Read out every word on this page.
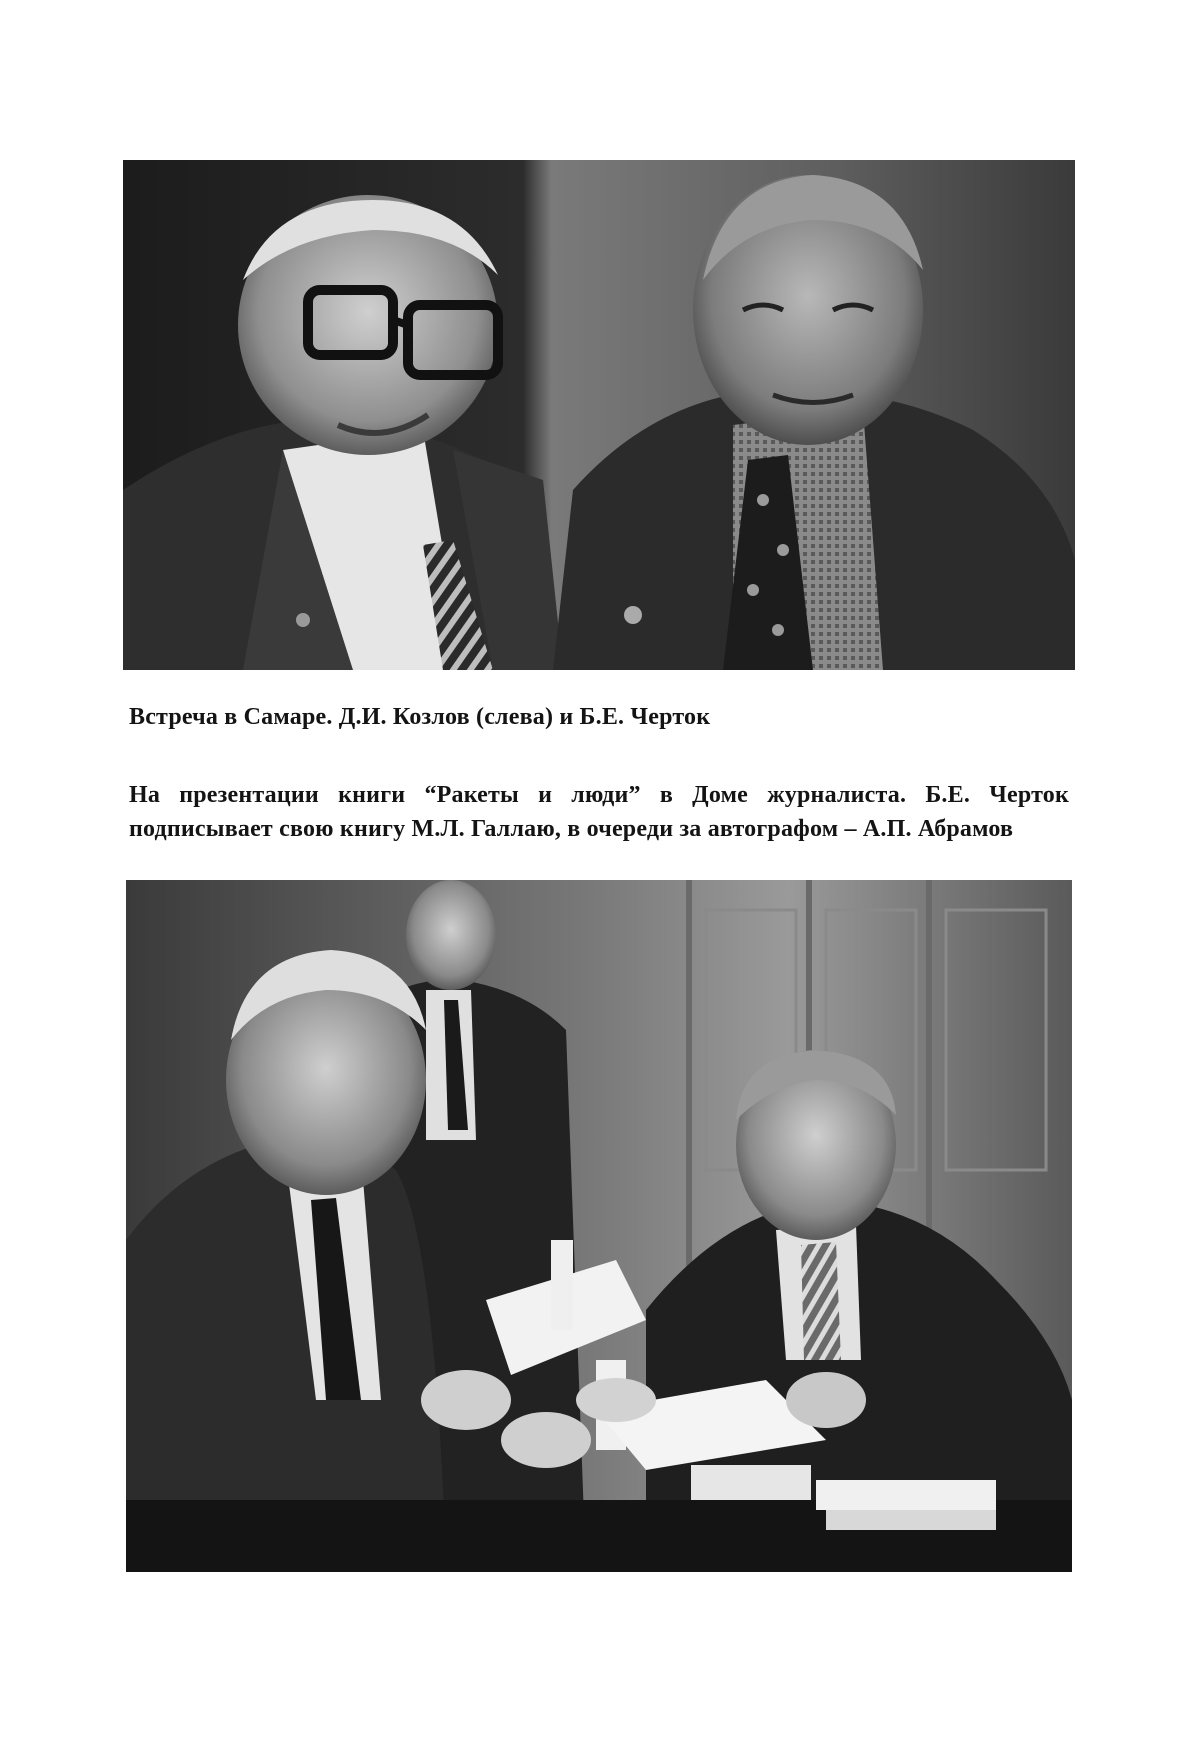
Встреча в Самаре. Д.И. Козлов (слева) и Б.Е. Черток
На презентации книги “Ракеты и люди” в Доме журналиста. Б.Е. Черток
подписывает свою книгу М.Л. Галлаю, в очереди за автографом – А.П. Абрамов
